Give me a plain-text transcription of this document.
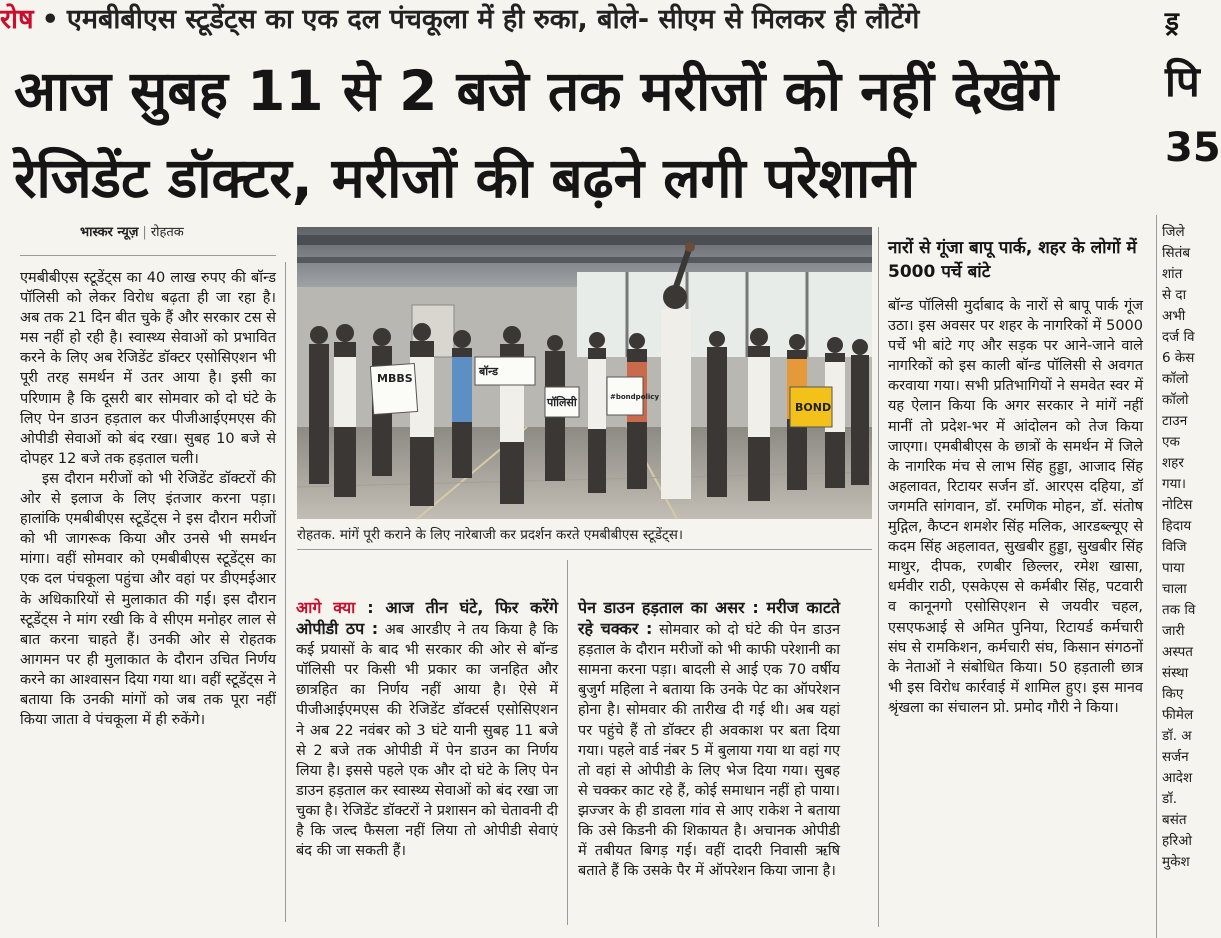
रोष • एमबीबीएस स्टूडेंट्स का एक दल पंचकूला में ही रुका, बोले- सीएम से मिलकर ही लौटेंगे
आज सुबह 11 से 2 बजे तक मरीजों को नहीं देखेंगे
रेजिडेंट डॉक्टर, मरीजों की बढ़ने लगी परेशानी
ड्र
पि
35
जिले
सितंब
शांत
से दा
अभी
दर्ज वि
6 केस
कॉलो
कॉलो
टाउन
एक
शहर
गया।
नोटिस
हिदाय
विजि
पाया
चाला
तक वि
जारी
अस्पत
संस्था
किए
फीमेल
डॉ. अ
सर्जन
आदेश
डॉ.
बसंत
हरिओ
मुकेश
भास्कर न्यूज़ | रोहतक

एमबीबीएस स्टूडेंट्स का 40 लाख रुपए की बॉन्ड पॉलिसी को लेकर विरोध बढ़ता ही जा रहा है। अब तक 21 दिन बीत चुके हैं और सरकार टस से मस नहीं हो रही है। स्वास्थ्य सेवाओं को प्रभावित करने के लिए अब रेजिडेंट डॉक्टर एसोसिएशन भी पूरी तरह समर्थन में उतर आया है। इसी का परिणाम है कि दूसरी बार सोमवार को दो घंटे के लिए पेन डाउन हड़ताल कर पीजीआईएमएस की ओपीडी सेवाओं को बंद रखा। सुबह 10 बजे से दोपहर 12 बजे तक हड़ताल चली।

इस दौरान मरीजों को भी रेजिडेंट डॉक्टरों की ओर से इलाज के लिए इंतजार करना पड़ा। हालांकि एमबीबीएस स्टूडेंट्स ने इस दौरान मरीजों को भी जागरूक किया और उनसे भी समर्थन मांगा। वहीं सोमवार को एमबीबीएस स्टूडेंट्स का एक दल पंचकूला पहुंचा और वहां पर डीएमईआर के अधिकारियों से मुलाकात की गई। इस दौरान स्टूडेंट्स ने मांग रखी कि वे सीएम मनोहर लाल से बात करना चाहते हैं। उनकी ओर से रोहतक आगमन पर ही मुलाकात के दौरान उचित निर्णय करने का आश्वासन दिया गया था। वहीं स्टूडेंट्स ने बताया कि उनकी मांगों को जब तक पूरा नहीं किया जाता वे पंचकूला में ही रुकेंगे।

MBBS
बॉन्ड
पॉलिसी	#bondpolicy
BOND
रोहतक. मांगें पूरी कराने के लिए नारेबाजी कर प्रदर्शन करते एमबीबीएस स्टूडेंट्स।

आगे क्या : आज तीन घंटे, फिर करेंगे ओपीडी ठप : अब आरडीए ने तय किया है कि कई प्रयासों के बाद भी सरकार की ओर से बॉन्ड पॉलिसी पर किसी भी प्रकार का जनहित और छात्रहित का निर्णय नहीं आया है। ऐसे में पीजीआईएमएस की रेजिडेंट डॉक्टर्स एसोसिएशन ने अब 22 नवंबर को 3 घंटे यानी सुबह 11 बजे से 2 बजे तक ओपीडी में पेन डाउन का निर्णय लिया है। इससे पहले एक और दो घंटे के लिए पेन डाउन हड़ताल कर स्वास्थ्य सेवाओं को बंद रखा जा चुका है। रेजिडेंट डॉक्टरों ने प्रशासन को चेतावनी दी है कि जल्द फैसला नहीं लिया तो ओपीडी सेवाएं बंद की जा सकती हैं।

पेन डाउन हड़ताल का असर : मरीज काटते रहे चक्कर : सोमवार को दो घंटे की पेन डाउन हड़ताल के दौरान मरीजों को भी काफी परेशानी का सामना करना पड़ा। बादली से आई एक 70 वर्षीय बुजुर्ग महिला ने बताया कि उनके पेट का ऑपरेशन होना है। सोमवार की तारीख दी गई थी। अब यहां पर पहुंचे हैं तो डॉक्टर ही अवकाश पर बता दिया गया। पहले वार्ड नंबर 5 में बुलाया गया था वहां गए तो वहां से ओपीडी के लिए भेज दिया गया। सुबह से चक्कर काट रहे हैं, कोई समाधान नहीं हो पाया। झज्जर के ही डावला गांव से आए राकेश ने बताया कि उसे किडनी की शिकायत है। अचानक ओपीडी में तबीयत बिगड़ गई। वहीं दादरी निवासी ऋषि बताते हैं कि उसके पैर में ऑपरेशन किया जाना है।

नारों से गूंजा बापू पार्क, शहर के लोगों में 5000 पर्चे बांटे

बॉन्ड पॉलिसी मुर्दाबाद के नारों से बापू पार्क गूंज उठा। इस अवसर पर शहर के नागरिकों में 5000 पर्चे भी बांटे गए और सड़क पर आने-जाने वाले नागरिकों को इस काली बॉन्ड पॉलिसी से अवगत करवाया गया। सभी प्रतिभागियों ने समवेत स्वर में यह ऐलान किया कि अगर सरकार ने मांगें नहीं मानीं तो प्रदेश-भर में आंदोलन को तेज किया जाएगा। एमबीबीएस के छात्रों के समर्थन में जिले के नागरिक मंच से लाभ सिंह हुड्डा, आजाद सिंह अहलावत, रिटायर सर्जन डॉ. आरएस दहिया, डॉ जगमति सांगवान, डॉ. रमणिक मोहन, डॉ. संतोष मुद्गिल, कैप्टन शमशेर सिंह मलिक, आरडब्ल्यूए से कदम सिंह अहलावत, सुखबीर हुड्डा, सुखबीर सिंह माथुर, दीपक, रणबीर छिल्लर, रमेश खासा, धर्मवीर राठी, एसकेएस से कर्मबीर सिंह, पटवारी व कानूनगो एसोसिएशन से जयवीर चहल, एसएफआई से अमित पुनिया, रिटायर्ड कर्मचारी संघ से रामकिशन, कर्मचारी संघ, किसान संगठनों के नेताओं ने संबोधित किया। 50 हड़ताली छात्र भी इस विरोध कार्रवाई में शामिल हुए। इस मानव श्रृंखला का संचालन प्रो. प्रमोद गौरी ने किया।
